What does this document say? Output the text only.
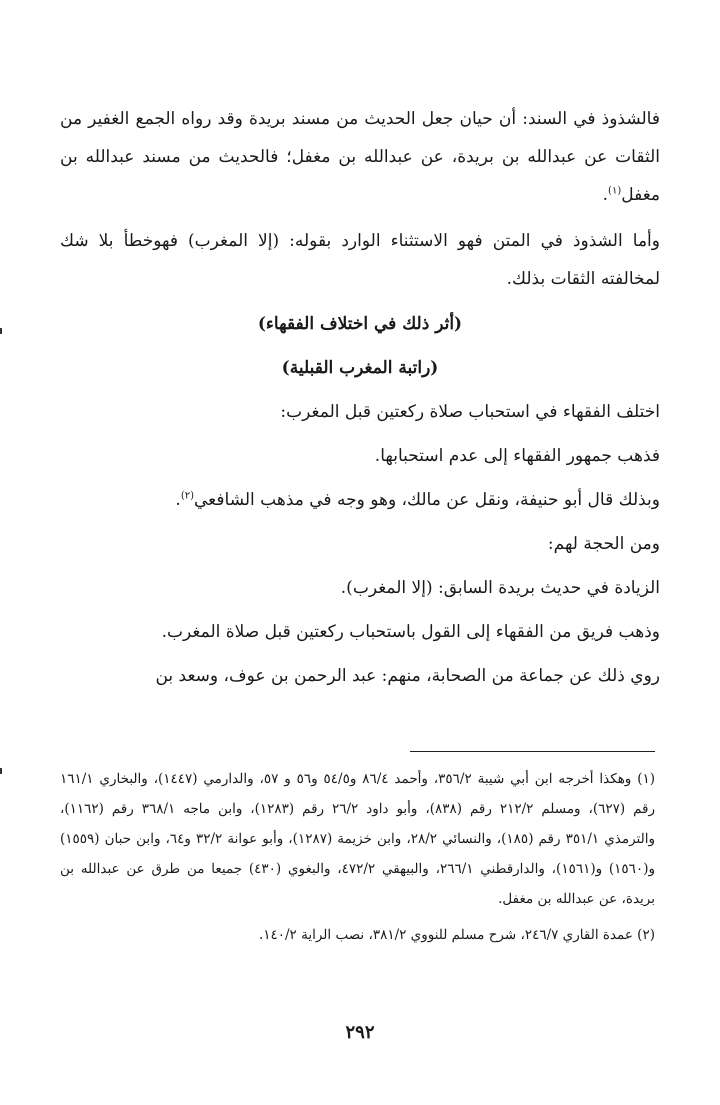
فالشذوذ في السند: أن حيان جعل الحديث من مسند بريدة وقد رواه الجمع الغفير من الثقات عن عبدالله بن بريدة، عن عبدالله بن مغفل؛ فالحديث من مسند عبدالله بن مغفل$^{(١)}$.

وأما الشذوذ في المتن فهو الاستثناء الوارد بقوله: (إلا المغرب) فهوخطأ بلا شك لمخالفته الثقات بذلك.

(أثر ذلك في اختلاف الفقهاء)

(راتبة المغرب القبلية)

اختلف الفقهاء في استحباب صلاة ركعتين قبل المغرب:

فذهب جمهور الفقهاء إلى عدم استحبابها.

وبذلك قال أبو حنيفة، ونقل عن مالك، وهو وجه في مذهب الشافعي$^{(٢)}$.

ومن الحجة لهم:

الزيادة في حديث بريدة السابق: (إلا المغرب).

وذهب فريق من الفقهاء إلى القول باستحباب ركعتين قبل صلاة المغرب.

روي ذلك عن جماعة من الصحابة، منهم: عبد الرحمن بن عوف، وسعد بن

(١) وهكذا أخرجه ابن أبي شيبة ٣٥٦/٢، وأحمد ٨٦/٤ و٥٤/٥ و٥٦ و ٥٧، والدارمي (١٤٤٧)، والبخاري ١٦١/١ رقم (٦٢٧)، ومسلم ٢١٢/٢ رقم (٨٣٨)، وأبو داود ٢٦/٢ رقم (١٢٨٣)، وابن ماجه ٣٦٨/١ رقم (١١٦٢)، والترمذي ٣٥١/١ رقم (١٨٥)، والنسائي ٢٨/٢، وابن خزيمة (١٢٨٧)، وأبو عوانة ٣٢/٢ و٦٤، وابن حبان (١٥٥٩) و(١٥٦٠) و(١٥٦١)، والدارقطني ٢٦٦/١، والبيهقي ٤٧٢/٢، والبغوي (٤٣٠) جميعا من طرق عن عبدالله بن بريدة، عن عبدالله بن مغفل.

(٢) عمدة القاري ٢٤٦/٧، شرح مسلم للنووي ٣٨١/٢، نصب الراية ١٤٠/٢.

٢٩٢
